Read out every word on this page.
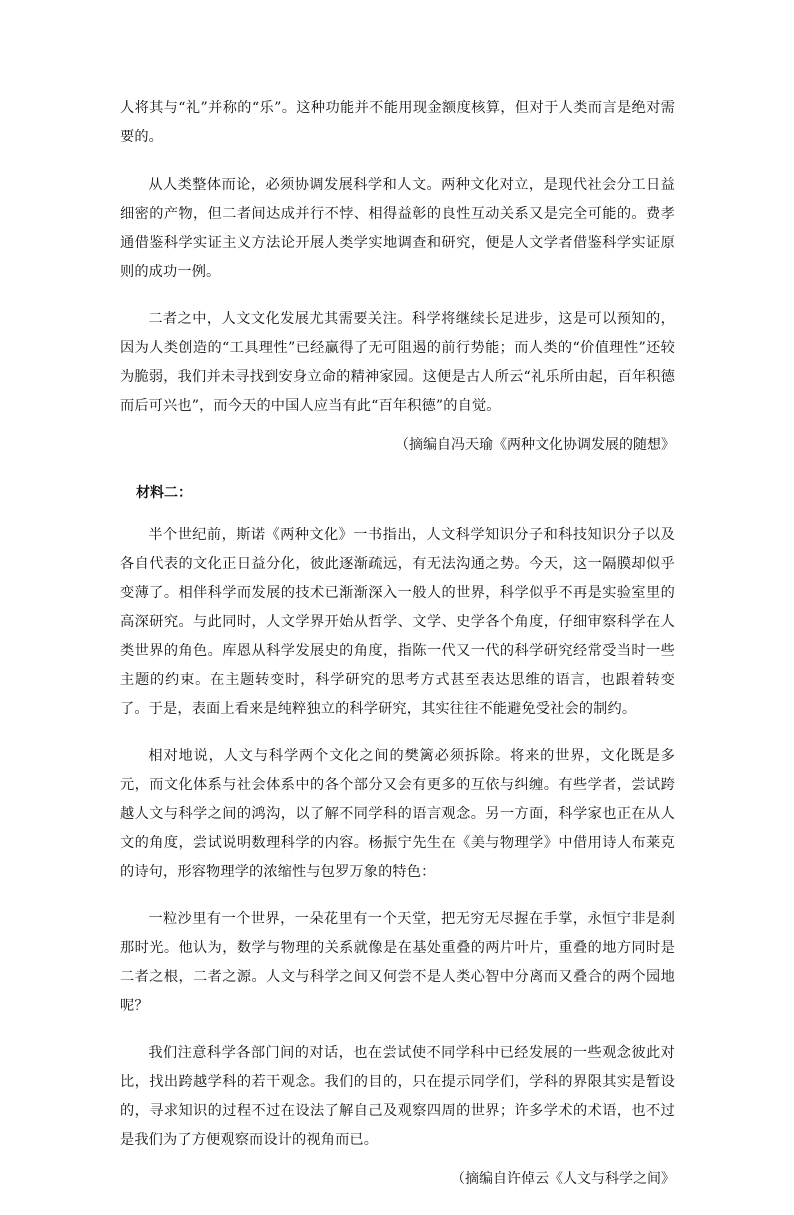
人将其与“礼”并称的“乐”。这种功能并不能用现金额度核算，但对于人类而言是绝对需要的。

从人类整体而论，必须协调发展科学和人文。两种文化对立，是现代社会分工日益细密的产物，但二者间达成并行不悖、相得益彰的良性互动关系又是完全可能的。费孝通借鉴科学实证主义方法论开展人类学实地调查和研究，便是人文学者借鉴科学实证原则的成功一例。

二者之中，人文文化发展尤其需要关注。科学将继续长足进步，这是可以预知的，因为人类创造的“工具理性”已经赢得了无可阻遏的前行势能；而人类的“价值理性”还较为脆弱，我们并未寻找到安身立命的精神家园。这便是古人所云“礼乐所由起，百年积德而后可兴也”，而今天的中国人应当有此“百年积德”的自觉。

（摘编自冯天瑜《两种文化协调发展的随想》
材料二：

半个世纪前，斯诺《两种文化》一书指出，人文科学知识分子和科技知识分子以及各自代表的文化正日益分化，彼此逐渐疏远，有无法沟通之势。今天，这一隔膜却似乎变薄了。相伴科学而发展的技术已渐渐深入一般人的世界，科学似乎不再是实验室里的高深研究。与此同时，人文学界开始从哲学、文学、史学各个角度，仔细审察科学在人类世界的角色。库恩从科学发展史的角度，指陈一代又一代的科学研究经常受当时一些主题的约束。在主题转变时，科学研究的思考方式甚至表达思维的语言，也跟着转变了。于是，表面上看来是纯粹独立的科学研究，其实往往不能避免受社会的制约。

相对地说，人文与科学两个文化之间的樊篱必须拆除。将来的世界，文化既是多元，而文化体系与社会体系中的各个部分又会有更多的互依与纠缠。有些学者，尝试跨越人文与科学之间的鸿沟，以了解不同学科的语言观念。另一方面，科学家也正在从人文的角度，尝试说明数理科学的内容。杨振宁先生在《美与物理学》中借用诗人布莱克的诗句，形容物理学的浓缩性与包罗万象的特色：

一粒沙里有一个世界，一朵花里有一个天堂，把无穷无尽握在手掌，永恒宁非是刹那时光。他认为，数学与物理的关系就像是在基处重叠的两片叶片，重叠的地方同时是二者之根，二者之源。人文与科学之间又何尝不是人类心智中分离而又叠合的两个园地呢？

我们注意科学各部门间的对话，也在尝试使不同学科中已经发展的一些观念彼此对比，找出跨越学科的若干观念。我们的目的，只在提示同学们，学科的界限其实是暂设的，寻求知识的过程不过在设法了解自己及观察四周的世界；许多学术的术语，也不过是我们为了方便观察而设计的视角而已。

（摘编自许倬云《人文与科学之间》
